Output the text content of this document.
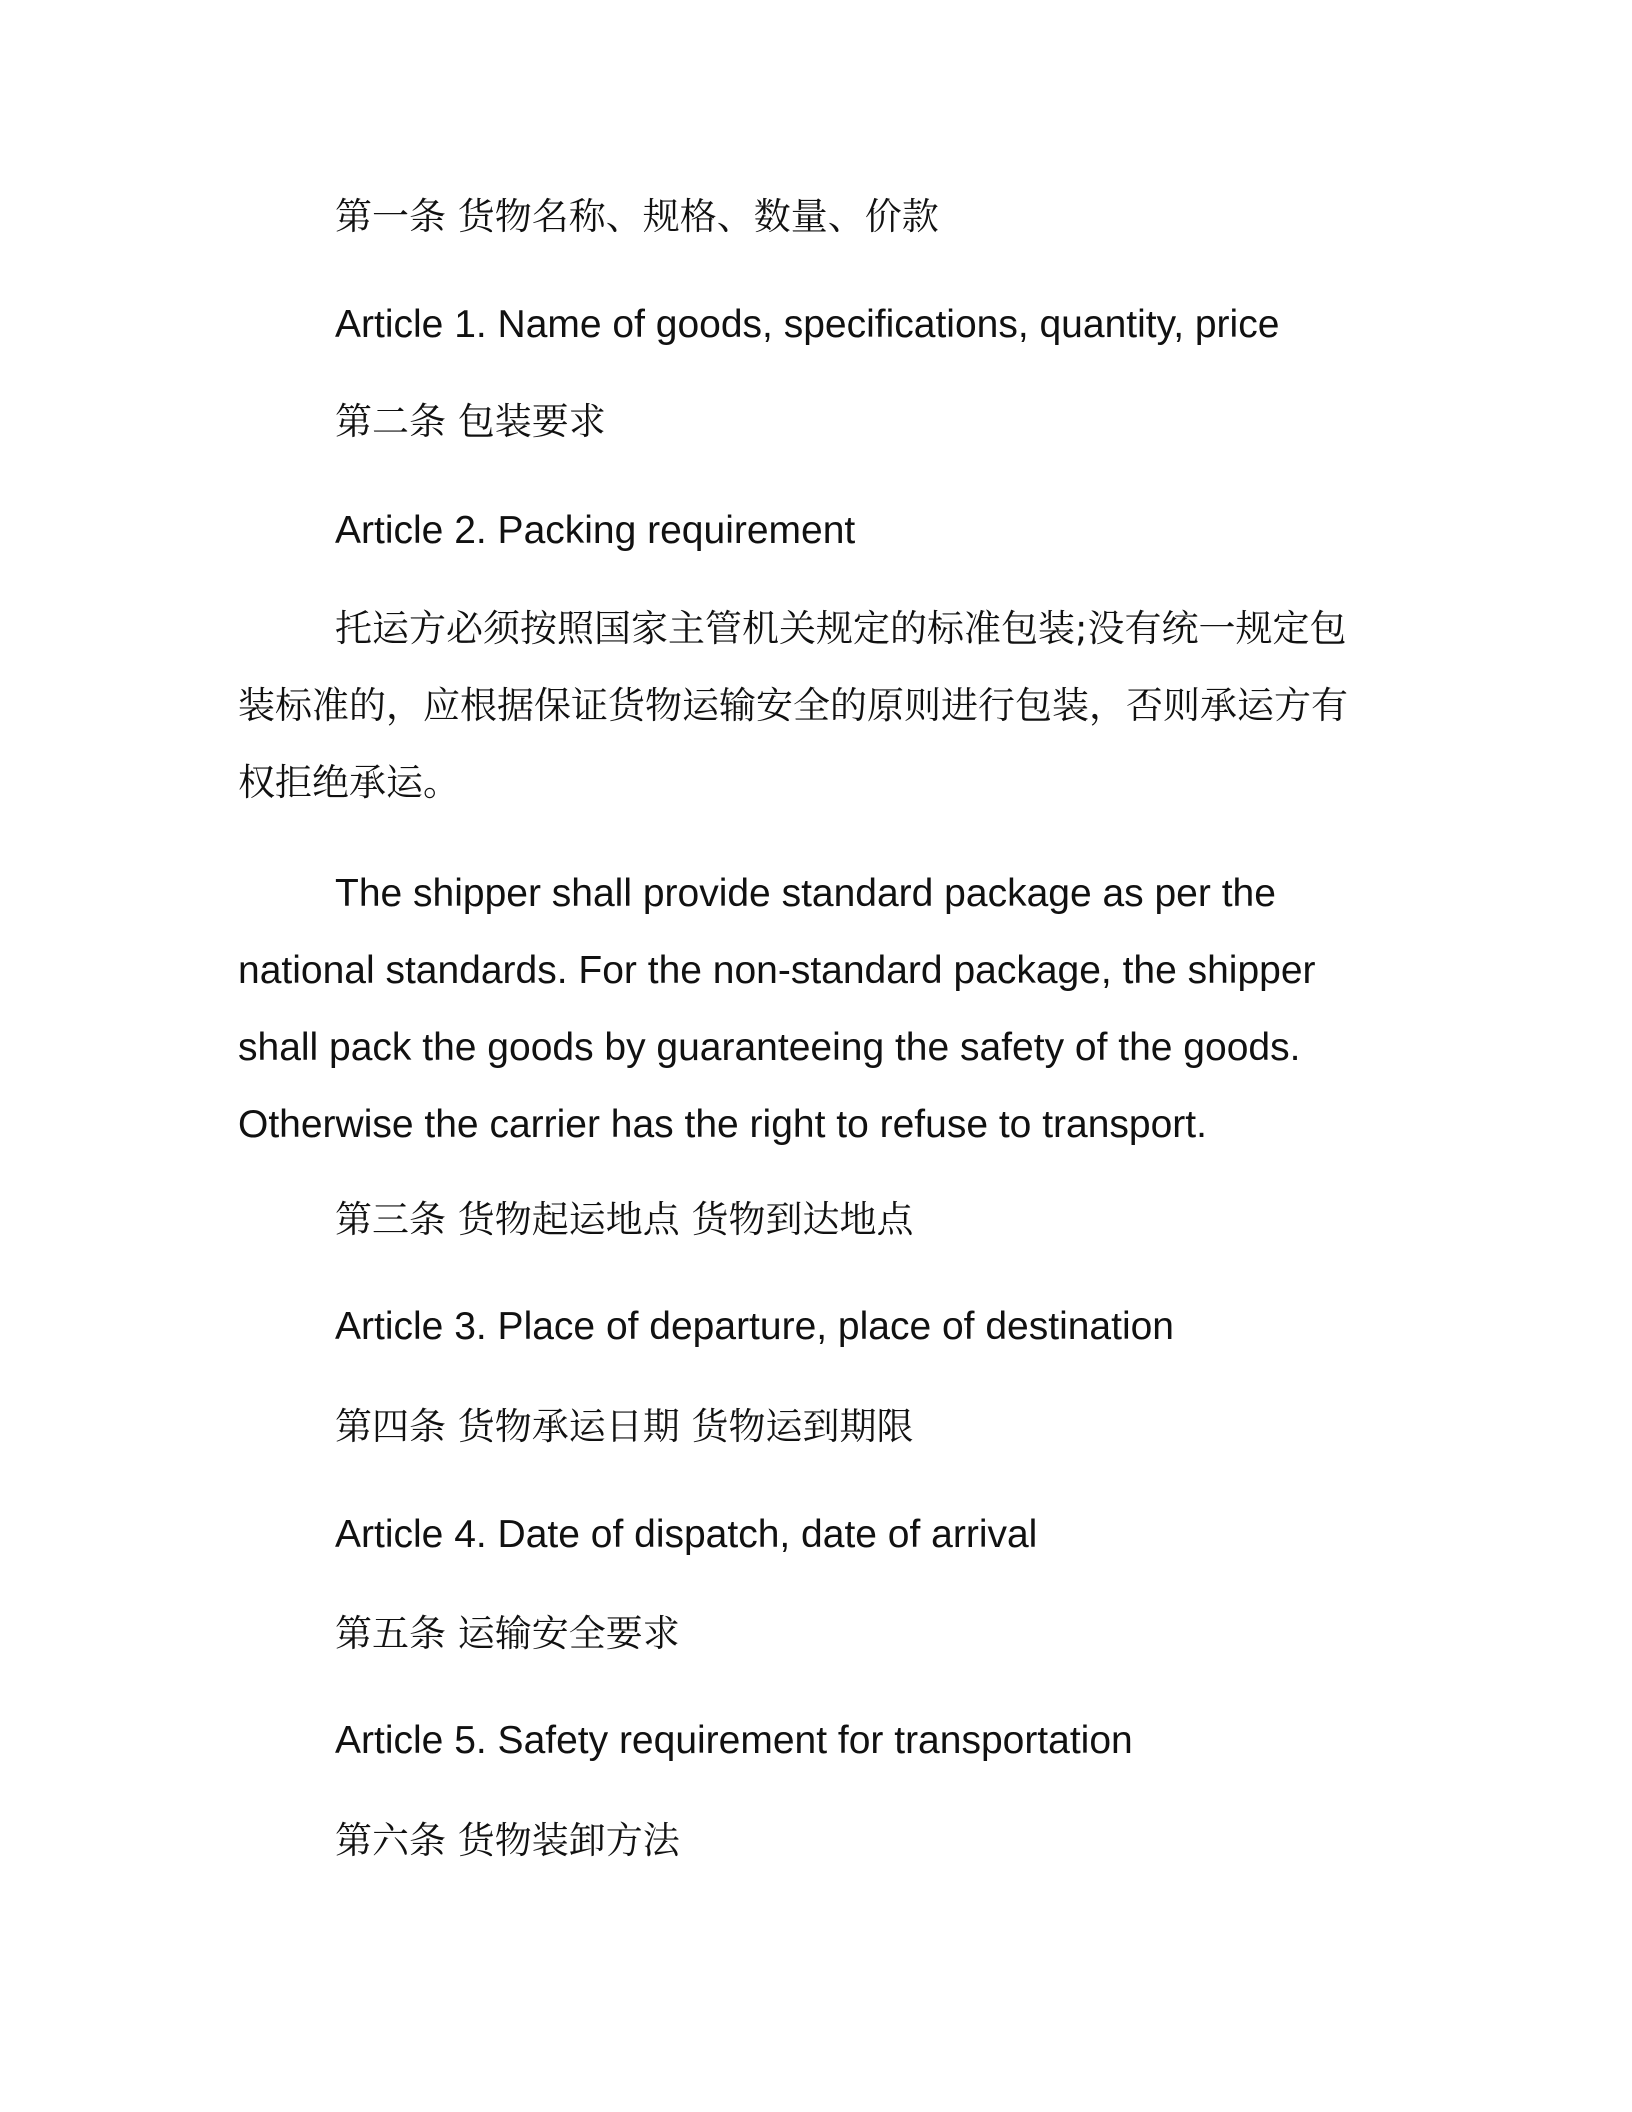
第一条 货物名称、规格、数量、价款
Article 1. Name of goods, specifications, quantity, price
第二条 包装要求
Article 2. Packing requirement
托运方必须按照国家主管机关规定的标准包装;没有统一规定包
装标准的，应根据保证货物运输安全的原则进行包装，否则承运方有
权拒绝承运。
The shipper shall provide standard package as per the
national standards. For the non-standard package, the shipper
shall pack the goods by guaranteeing the safety of the goods.
Otherwise the carrier has the right to refuse to transport.
第三条 货物起运地点 货物到达地点
Article 3. Place of departure, place of destination
第四条 货物承运日期 货物运到期限
Article 4. Date of dispatch, date of arrival
第五条 运输安全要求
Article 5. Safety requirement for transportation
第六条 货物装卸方法
